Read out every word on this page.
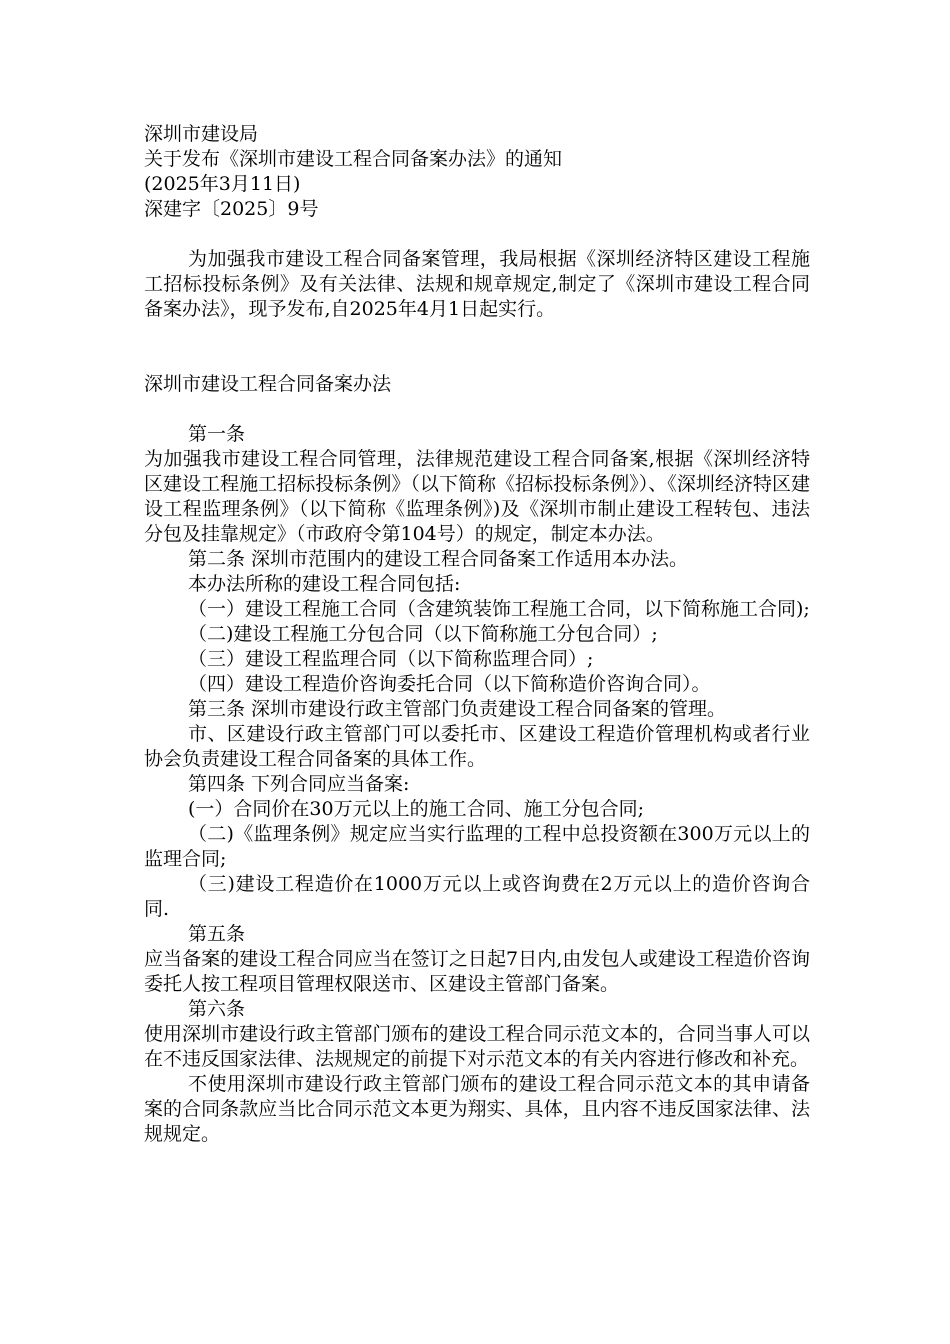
深圳市建设局

关于发布《深圳市建设工程合同备案办法》的通知

(2025年3月11日)

深建字〔2025〕9号

为加强我市建设工程合同备案管理，我局根据《深圳经济特区建设工程施工招标投标条例》及有关法律、法规和规章规定,制定了《深圳市建设工程合同备案办法》，现予发布,自2025年4月1日起实行。

深圳市建设工程合同备案办法

第一条

为加强我市建设工程合同管理，法律规范建设工程合同备案,根据《深圳经济特区建设工程施工招标投标条例》（以下简称《招标投标条例》）、《深圳经济特区建设工程监理条例》（以下简称《监理条例》)及《深圳市制止建设工程转包、违法分包及挂靠规定》（市政府令第104号）的规定，制定本办法。

第二条 深圳市范围内的建设工程合同备案工作适用本办法。

本办法所称的建设工程合同包括:

（一）建设工程施工合同（含建筑装饰工程施工合同，以下简称施工合同);

（二)建设工程施工分包合同（以下简称施工分包合同）;

（三）建设工程监理合同（以下简称监理合同）;

（四）建设工程造价咨询委托合同（以下简称造价咨询合同）。

第三条 深圳市建设行政主管部门负责建设工程合同备案的管理。

市、区建设行政主管部门可以委托市、区建设工程造价管理机构或者行业协会负责建设工程合同备案的具体工作。

第四条 下列合同应当备案:

(一）合同价在30万元以上的施工合同、施工分包合同;

（二)《监理条例》规定应当实行监理的工程中总投资额在300万元以上的监理合同;

（三)建设工程造价在1000万元以上或咨询费在2万元以上的造价咨询合同.

第五条

应当备案的建设工程合同应当在签订之日起7日内,由发包人或建设工程造价咨询委托人按工程项目管理权限送市、区建设主管部门备案。

第六条

使用深圳市建设行政主管部门颁布的建设工程合同示范文本的，合同当事人可以在不违反国家法律、法规规定的前提下对示范文本的有关内容进行修改和补充。

不使用深圳市建设行政主管部门颁布的建设工程合同示范文本的其申请备案的合同条款应当比合同示范文本更为翔实、具体，且内容不违反国家法律、法规规定。
